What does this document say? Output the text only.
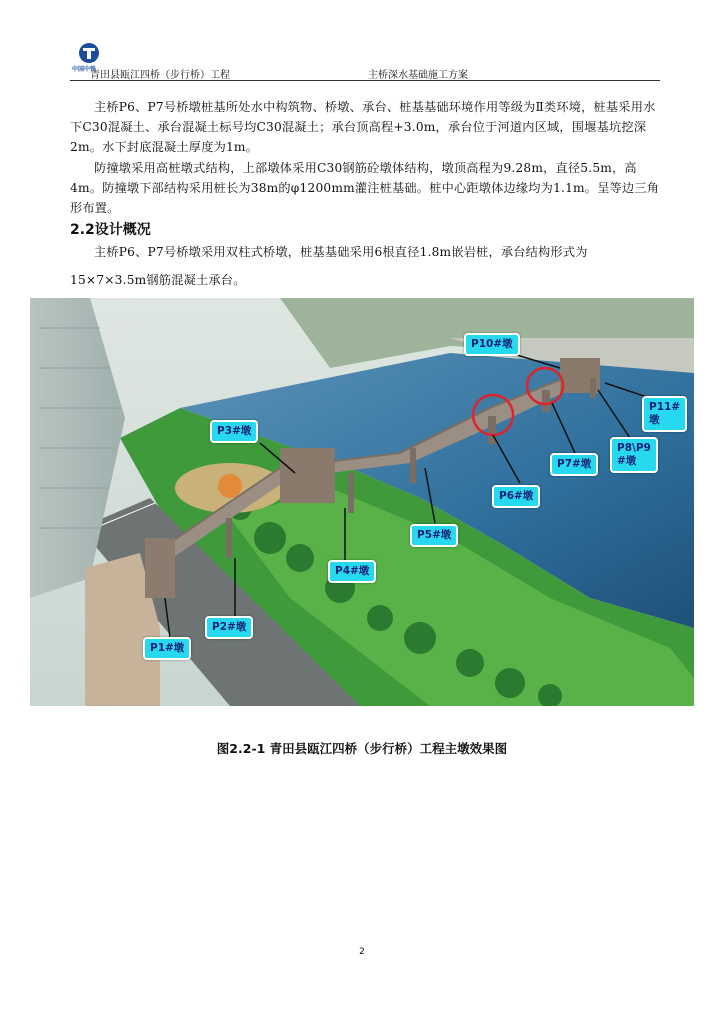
中国中铁
青田县瓯江四桥（步行桥）工程	主桥深水基础施工方案
主桥P6、P7号桥墩桩基所处水中构筑物、桥墩、承台、桩基基础环境作用等级为Ⅱ类环境，桩基采用水下C30混凝土、承台混凝土标号均C30混凝土；承台顶高程+3.0m，承台位于河道内区域，围堰基坑挖深2m。水下封底混凝土厚度为1m。
防撞墩采用高桩墩式结构，上部墩体采用C30钢筋砼墩体结构，墩顶高程为9.28m，直径5.5m，高4m。防撞墩下部结构采用桩长为38m的φ1200mm灌注桩基础。桩中心距墩体边缘均为1.1m。呈等边三角形布置。
2.2设计概况
主桥P6、P7号桥墩采用双柱式桥墩，桩基基础采用6根直径1.8m嵌岩桩，承台结构形式为15×7×3.5m钢筋混凝土承台。
P1#墩
P2#墩
P3#墩
P4#墩
P5#墩
P6#墩
P7#墩
P8\P9
#墩
P10#墩
P11#
墩
图2.2-1 青田县瓯江四桥（步行桥）工程主墩效果图
2
